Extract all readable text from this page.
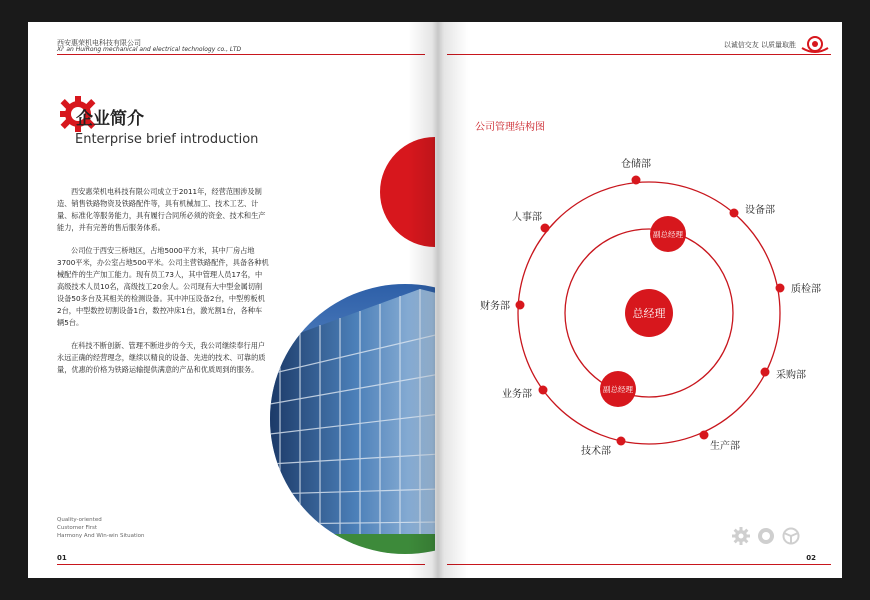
西安惠荣机电科技有限公司
Xi' an HuiRong mechanical and electrical technology co., LTD
企业简介
Enterprise brief introduction

西安惠荣机电科技有限公司成立于2011年，经营范围涉及制造、销售铁路物资及铁路配件等，具有机械加工、技术工艺、计量、标准化等服务能力，具有履行合同所必须的资金、技术和生产能力，并有完善的售后服务体系。

公司位于西安三桥地区，占地5000平方米，其中厂房占地3700平米，办公室占地500平米。公司主营铁路配件，具备各种机械配件的生产加工能力。现有员工73人，其中管理人员17名，中高级技术人员10名，高级技工20余人。公司现有大中型金属切削设备50多台及其相关的检测设备。其中冲压设备2台，中型剪板机2台，中型数控切割设备1台，数控冲床1台，激光割1台，各种车辆5台。

在科技不断创新、管理不断进步的今天，我公司继续奉行用户永远正确的经营理念，继续以精良的设备、先进的技术、可靠的质量，优惠的价格为铁路运输提供满意的产品和优质周到的服务。

Quality-oriented
Customer First
Harmony And Win-win Situation
01
以诚信交友 以质量取胜
公司管理结构图
总经理
副总经理
副总经理
仓储部
设备部
质检部
采购部
生产部
技术部
业务部
财务部
人事部
02
